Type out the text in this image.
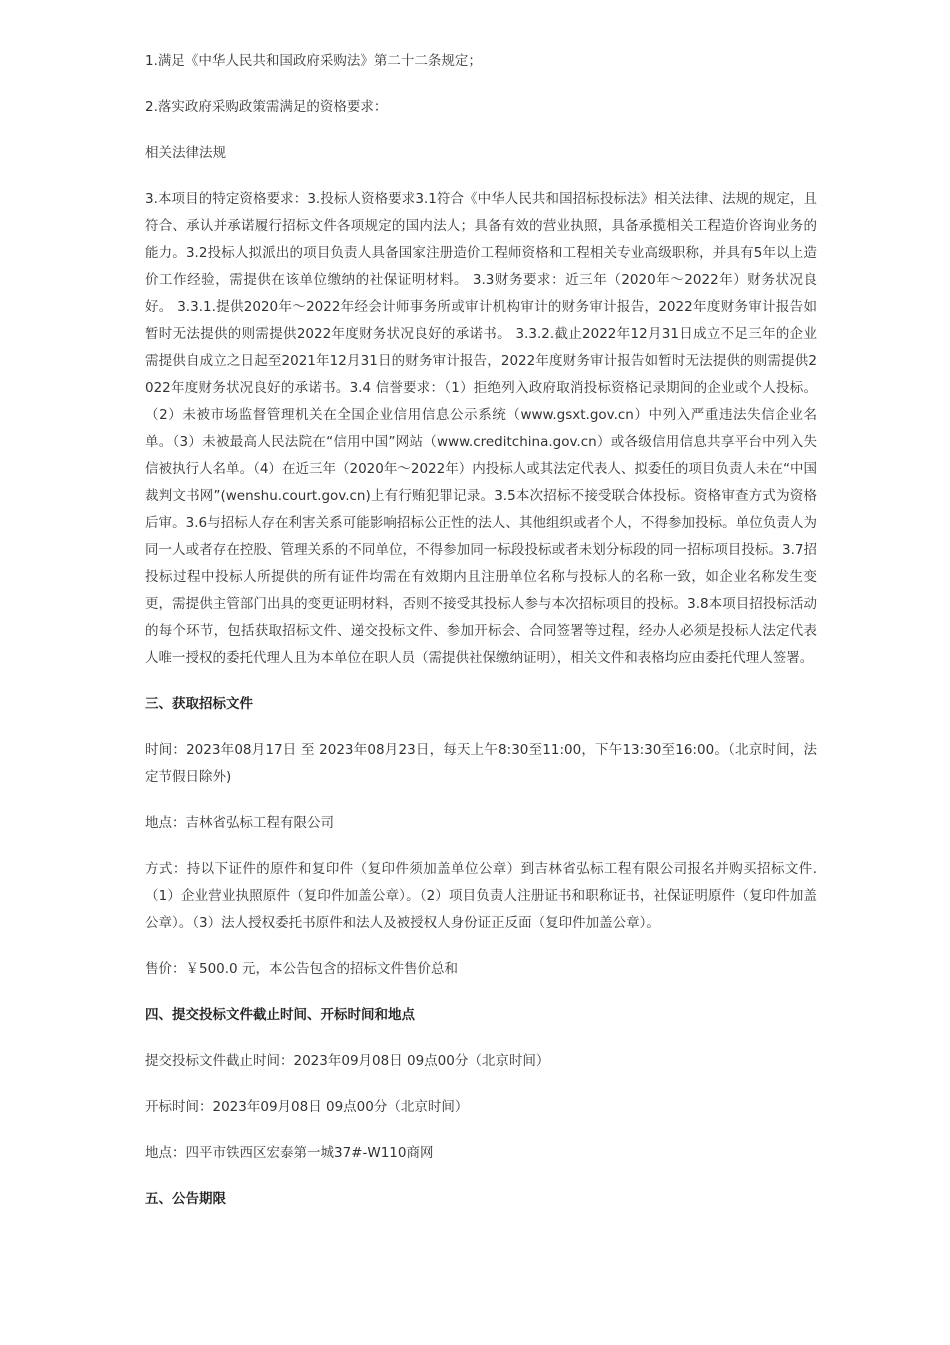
1.满足《中华人民共和国政府采购法》第二十二条规定；

2.落实政府采购政策需满足的资格要求：

相关法律法规

3.本项目的特定资格要求：3.投标人资格要求3.1符合《中华人民共和国招标投标法》相关法律、法规的规定，且符合、承认并承诺履行招标文件各项规定的国内法人；具备有效的营业执照，具备承揽相关工程造价咨询业务的能力。3.2投标人拟派出的项目负责人具备国家注册造价工程师资格和工程相关专业高级职称，并具有5年以上造价工作经验，需提供在该单位缴纳的社保证明材料。 3.3财务要求：近三年（2020年～2022年）财务状况良好。 3.3.1.提供2020年～2022年经会计师事务所或审计机构审计的财务审计报告，2022年度财务审计报告如暂时无法提供的则需提供2022年度财务状况良好的承诺书。 3.3.2.截止2022年12月31日成立不足三年的企业需提供自成立之日起至2021年12月31日的财务审计报告，2022年度财务审计报告如暂时无法提供的则需提供2022年度财务状况良好的承诺书。3.4 信誉要求：（1）拒绝列入政府取消投标资格记录期间的企业或个人投标。（2）未被市场监督管理机关在全国企业信用信息公示系统（www.gsxt.gov.cn）中列入严重违法失信企业名单。（3）未被最高人民法院在“信用中国”网站（www.creditchina.gov.cn）或各级信用信息共享平台中列入失信被执行人名单。（4）在近三年（2020年～2022年）内投标人或其法定代表人、拟委任的项目负责人未在“中国裁判文书网”(wenshu.court.gov.cn)上有行贿犯罪记录。3.5本次招标不接受联合体投标。资格审查方式为资格后审。3.6与招标人存在利害关系可能影响招标公正性的法人、其他组织或者个人，不得参加投标。单位负责人为同一人或者存在控股、管理关系的不同单位，不得参加同一标段投标或者未划分标段的同一招标项目投标。3.7招投标过程中投标人所提供的所有证件均需在有效期内且注册单位名称与投标人的名称一致，如企业名称发生变更，需提供主管部门出具的变更证明材料，否则不接受其投标人参与本次招标项目的投标。3.8本项目招投标活动的每个环节，包括获取招标文件、递交投标文件、参加开标会、合同签署等过程，经办人必须是投标人法定代表人唯一授权的委托代理人且为本单位在职人员（需提供社保缴纳证明），相关文件和表格均应由委托代理人签署。

三、获取招标文件

时间：2023年08月17日 至 2023年08月23日，每天上午8:30至11:00，下午13:30至16:00。（北京时间，法定节假日除外)

地点：吉林省弘标工程有限公司

方式：持以下证件的原件和复印件（复印件须加盖单位公章）到吉林省弘标工程有限公司报名并购买招标文件.（1）企业营业执照原件（复印件加盖公章）。（2）项目负责人注册证书和职称证书，社保证明原件（复印件加盖公章）。（3）法人授权委托书原件和法人及被授权人身份证正反面（复印件加盖公章）。

售价：￥500.0 元，本公告包含的招标文件售价总和

四、提交投标文件截止时间、开标时间和地点

提交投标文件截止时间：2023年09月08日 09点00分（北京时间）

开标时间：2023年09月08日 09点00分（北京时间）

地点：四平市铁西区宏泰第一城37#-W110商网

五、公告期限
